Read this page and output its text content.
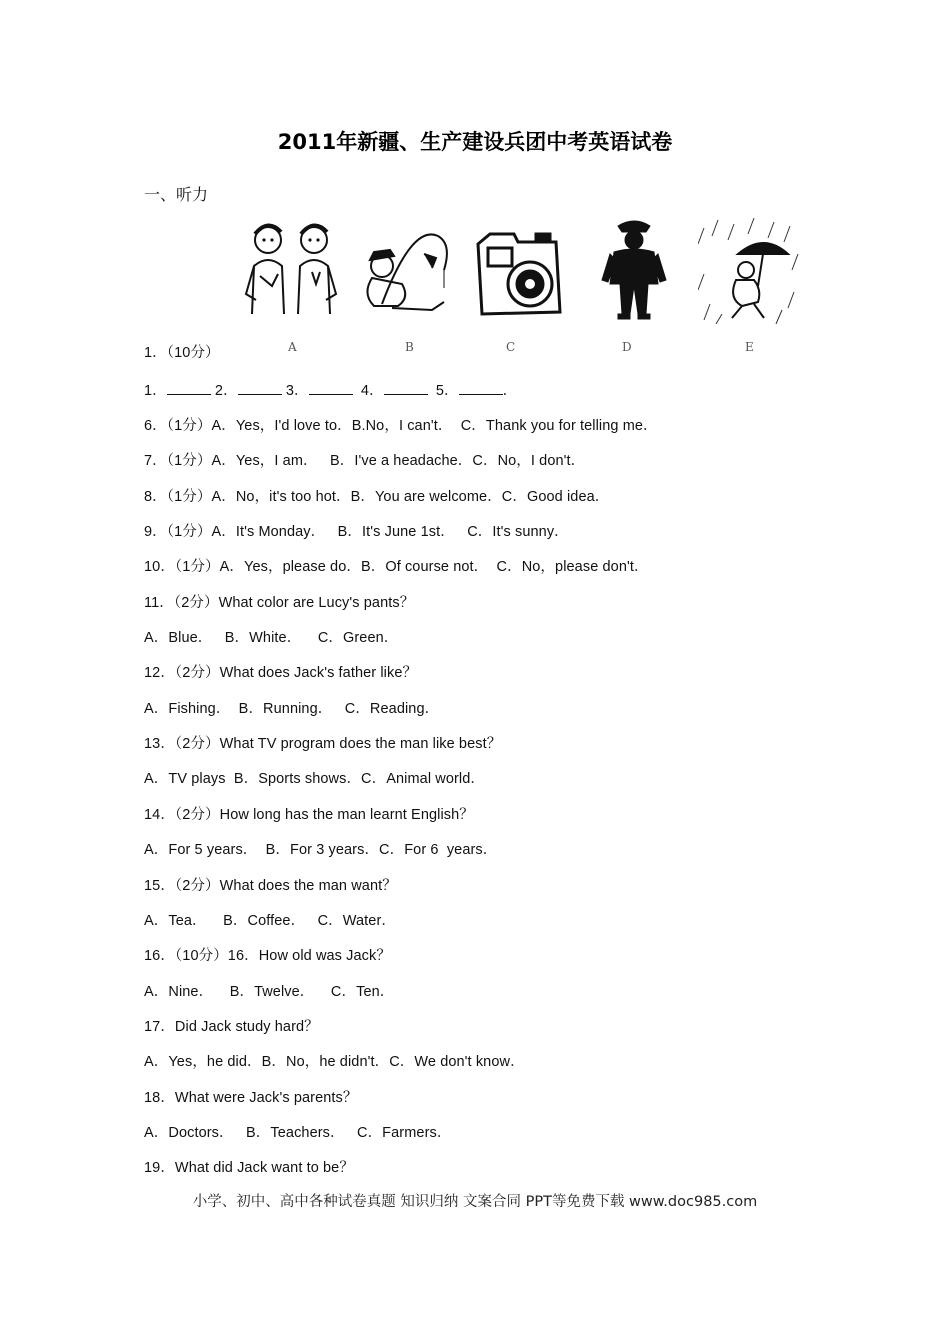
2011年新疆、生产建设兵团中考英语试卷
一、听力
A	B	C	D	E
1．（10分）
1．	2．	3．	4．	5．	．
6．（1分）A．Yes，I'd love to．B.No，I can't．  C．Thank you for telling me．
7．（1分）A．Yes，I am．   B．I've a headache．C．No，I don't．
8．（1分）A．No，it's too hot．B．You are welcome．C．Good idea．
9．（1分）A．It's Monday．   B．It's June 1st．   C．It's sunny．
10．（1分）A．Yes，please do．B．Of course not．  C．No，please don't．
11．（2分）What color are Lucy's pants？
A．Blue．   B．White．    C．Green．
12．（2分）What does Jack's father like？
A．Fishing．  B．Running．   C．Reading．
13．（2分）What TV program does the man like best？
A．TV plays  B．Sports shows．C．Animal world．
14．（2分）How long has the man learnt English？
A．For 5 years．  B．For 3 years．C．For 6  years．
15．（2分）What does the man want？
A．Tea．    B．Coffee．   C．Water．
16．（10分）16．How old was Jack？
A．Nine．    B．Twelve．    C．Ten．
17．Did Jack study hard？
A．Yes，he did．B．No，he didn't．C．We don't know．
18．What were Jack's parents？
A．Doctors．   B．Teachers．   C．Farmers．
19．What did Jack want to be？
小学、初中、高中各种试卷真题 知识归纳 文案合同 PPT等免费下载 www.doc985.com
